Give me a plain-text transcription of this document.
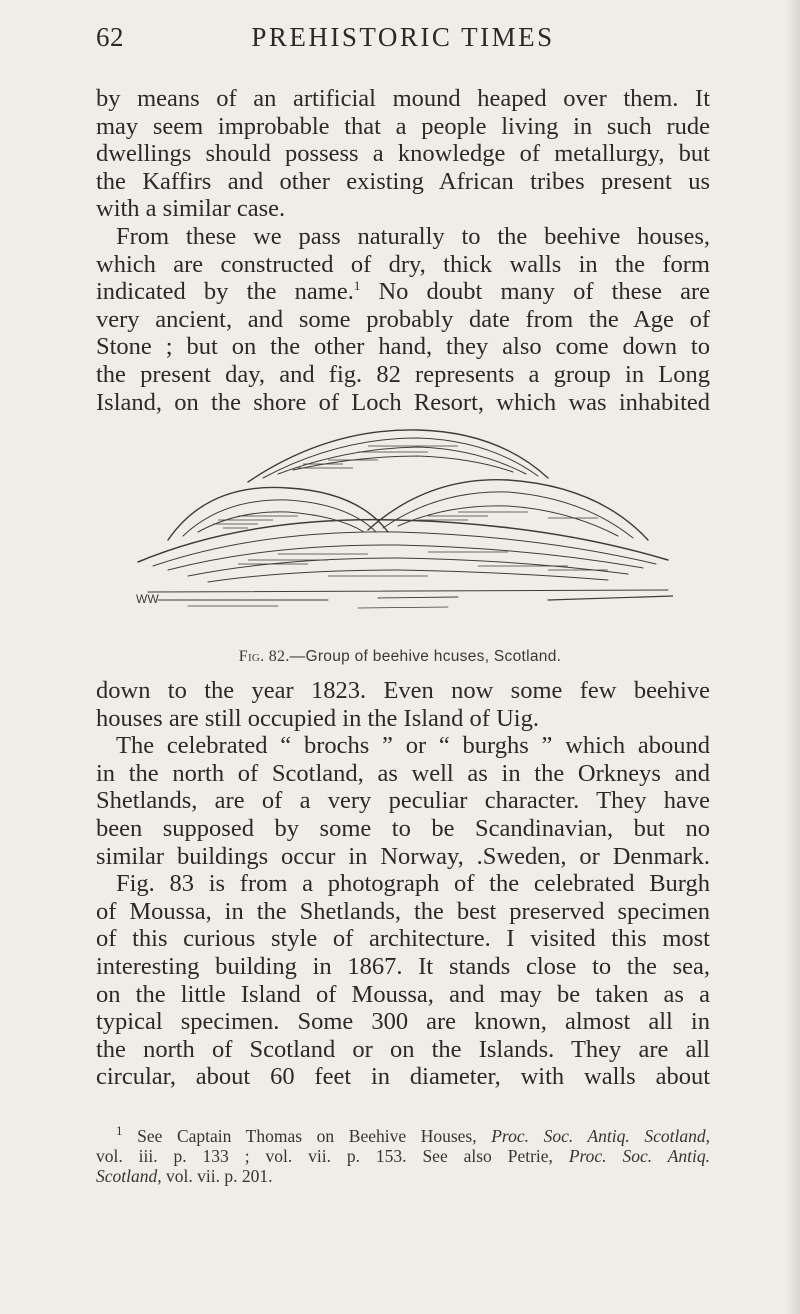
62	PREHISTORIC TIMES
by means of an artificial mound heaped over them. It
may seem improbable that a people living in such rude
dwellings should possess a knowledge of metallurgy, but
the Kaffirs and other existing African tribes present us
with a similar case.
From these we pass naturally to the beehive houses,
which are constructed of dry, thick walls in the form
indicated by the name.$^1$ No doubt many of these are
very ancient, and some probably date from the Age of
Stone ; but on the other hand, they also come down to
the present day, and fig. 82 represents a group in Long
Island, on the shore of Loch Resort, which was inhabited
WW
Fig. 82.—Group of beehive hcuses, Scotland.
down to the year 1823. Even now some few beehive
houses are still occupied in the Island of Uig.
The celebrated “ brochs ” or “ burghs ” which abound
in the north of Scotland, as well as in the Orkneys and
Shetlands, are of a very peculiar character. They have
been supposed by some to be Scandinavian, but no
similar buildings occur in Norway, .Sweden, or Denmark.
Fig. 83 is from a photograph of the celebrated Burgh
of Moussa, in the Shetlands, the best preserved specimen
of this curious style of architecture. I visited this most
interesting building in 1867. It stands close to the sea,
on the little Island of Moussa, and may be taken as a
typical specimen. Some 300 are known, almost all in
the north of Scotland or on the Islands. They are all
circular, about 60 feet in diameter, with walls about
$^1$ See Captain Thomas on Beehive Houses, Proc. Soc. Antiq. Scotland,
vol. iii. p. 133 ; vol. vii. p. 153. See also Petrie, Proc. Soc. Antiq.
Scotland, vol. vii. p. 201.
